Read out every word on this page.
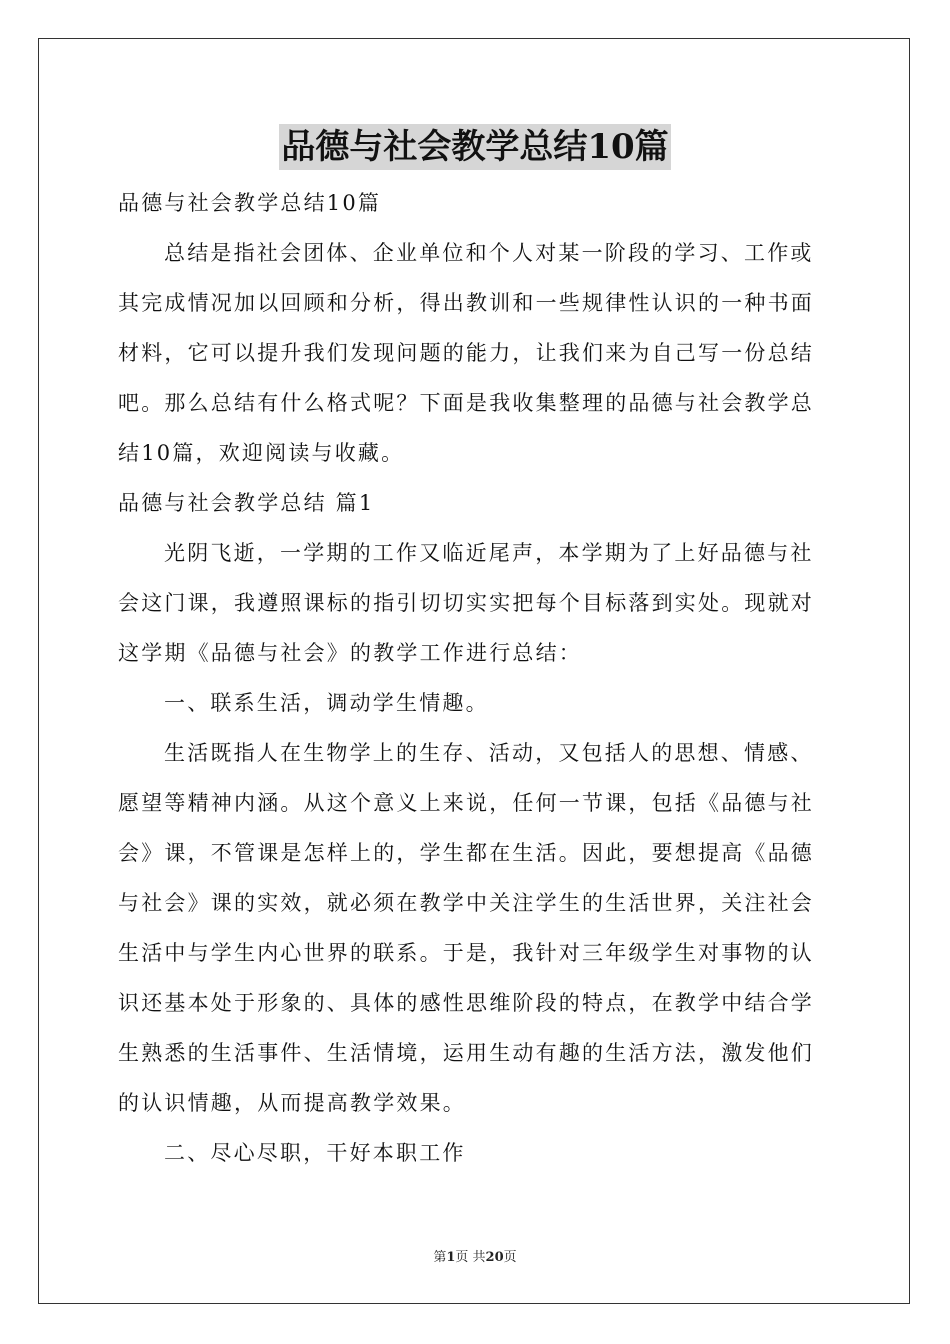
品德与社会教学总结10篇
品德与社会教学总结10篇
总结是指社会团体、企业单位和个人对某一阶段的学习、工作或
其完成情况加以回顾和分析，得出教训和一些规律性认识的一种书面
材料，它可以提升我们发现问题的能力，让我们来为自己写一份总结
吧。那么总结有什么格式呢？下面是我收集整理的品德与社会教学总
结10篇，欢迎阅读与收藏。
品德与社会教学总结 篇1
光阴飞逝，一学期的工作又临近尾声，本学期为了上好品德与社
会这门课，我遵照课标的指引切切实实把每个目标落到实处。现就对
这学期《品德与社会》的教学工作进行总结：
一、联系生活，调动学生情趣。
生活既指人在生物学上的生存、活动，又包括人的思想、情感、
愿望等精神内涵。从这个意义上来说，任何一节课，包括《品德与社
会》课，不管课是怎样上的，学生都在生活。因此，要想提高《品德
与社会》课的实效，就必须在教学中关注学生的生活世界，关注社会
生活中与学生内心世界的联系。于是，我针对三年级学生对事物的认
识还基本处于形象的、具体的感性思维阶段的特点，在教学中结合学
生熟悉的生活事件、生活情境，运用生动有趣的生活方法，激发他们
的认识情趣，从而提高教学效果。
二、尽心尽职，干好本职工作
第1页 共20页
